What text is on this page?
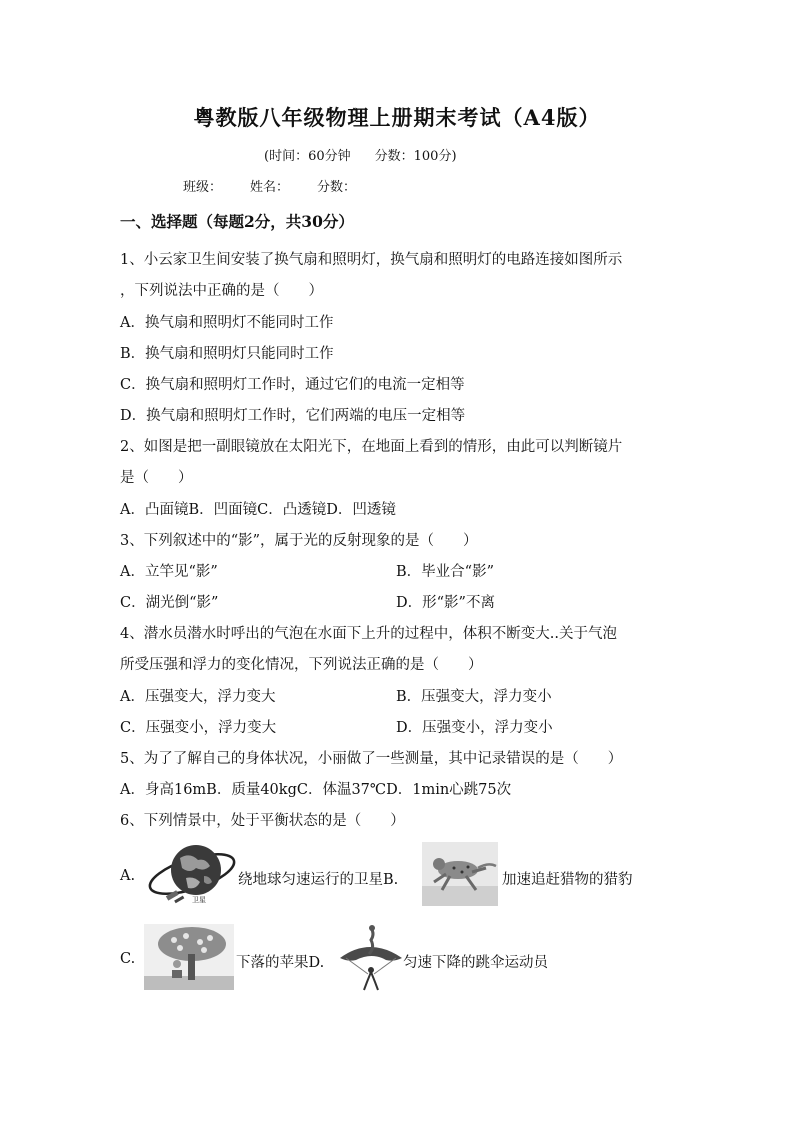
粤教版八年级物理上册期末考试（A4版）
(时间：60分钟 分数：100分)
班级： 姓名： 分数：
一、选择题（每题2分，共30分）
1、小云家卫生间安装了换气扇和照明灯，换气扇和照明灯的电路连接如图所示
，下列说法中正确的是（　　）
A．换气扇和照明灯不能同时工作
B．换气扇和照明灯只能同时工作
C．换气扇和照明灯工作时，通过它们的电流一定相等
D．换气扇和照明灯工作时，它们两端的电压一定相等
2、如图是把一副眼镜放在太阳光下，在地面上看到的情形，由此可以判断镜片
是（　　）
A．凸面镜B．凹面镜C．凸透镜D．凹透镜
3、下列叙述中的“影”，属于光的反射现象的是（　　）
A．立竿见“影”	B．毕业合“影”
C．湖光倒“影”	D．形“影”不离
4、潜水员潜水时呼出的气泡在水面下上升的过程中，体积不断变大..关于气泡
所受压强和浮力的变化情况，下列说法正确的是（　　）
A．压强变大，浮力变大	B．压强变大，浮力变小
C．压强变小，浮力变大	D．压强变小，浮力变小
5、为了了解自己的身体状况，小丽做了一些测量，其中记录错误的是（　　）
A．身高16mB．质量40kgC．体温37℃D．1min心跳75次
6、下列情景中，处于平衡状态的是（　　）
A.
卫星
绕地球匀速运行的卫星B.	加速追赶猎物的猎豹
C.	下落的苹果D.	匀速下降的跳伞运动员
